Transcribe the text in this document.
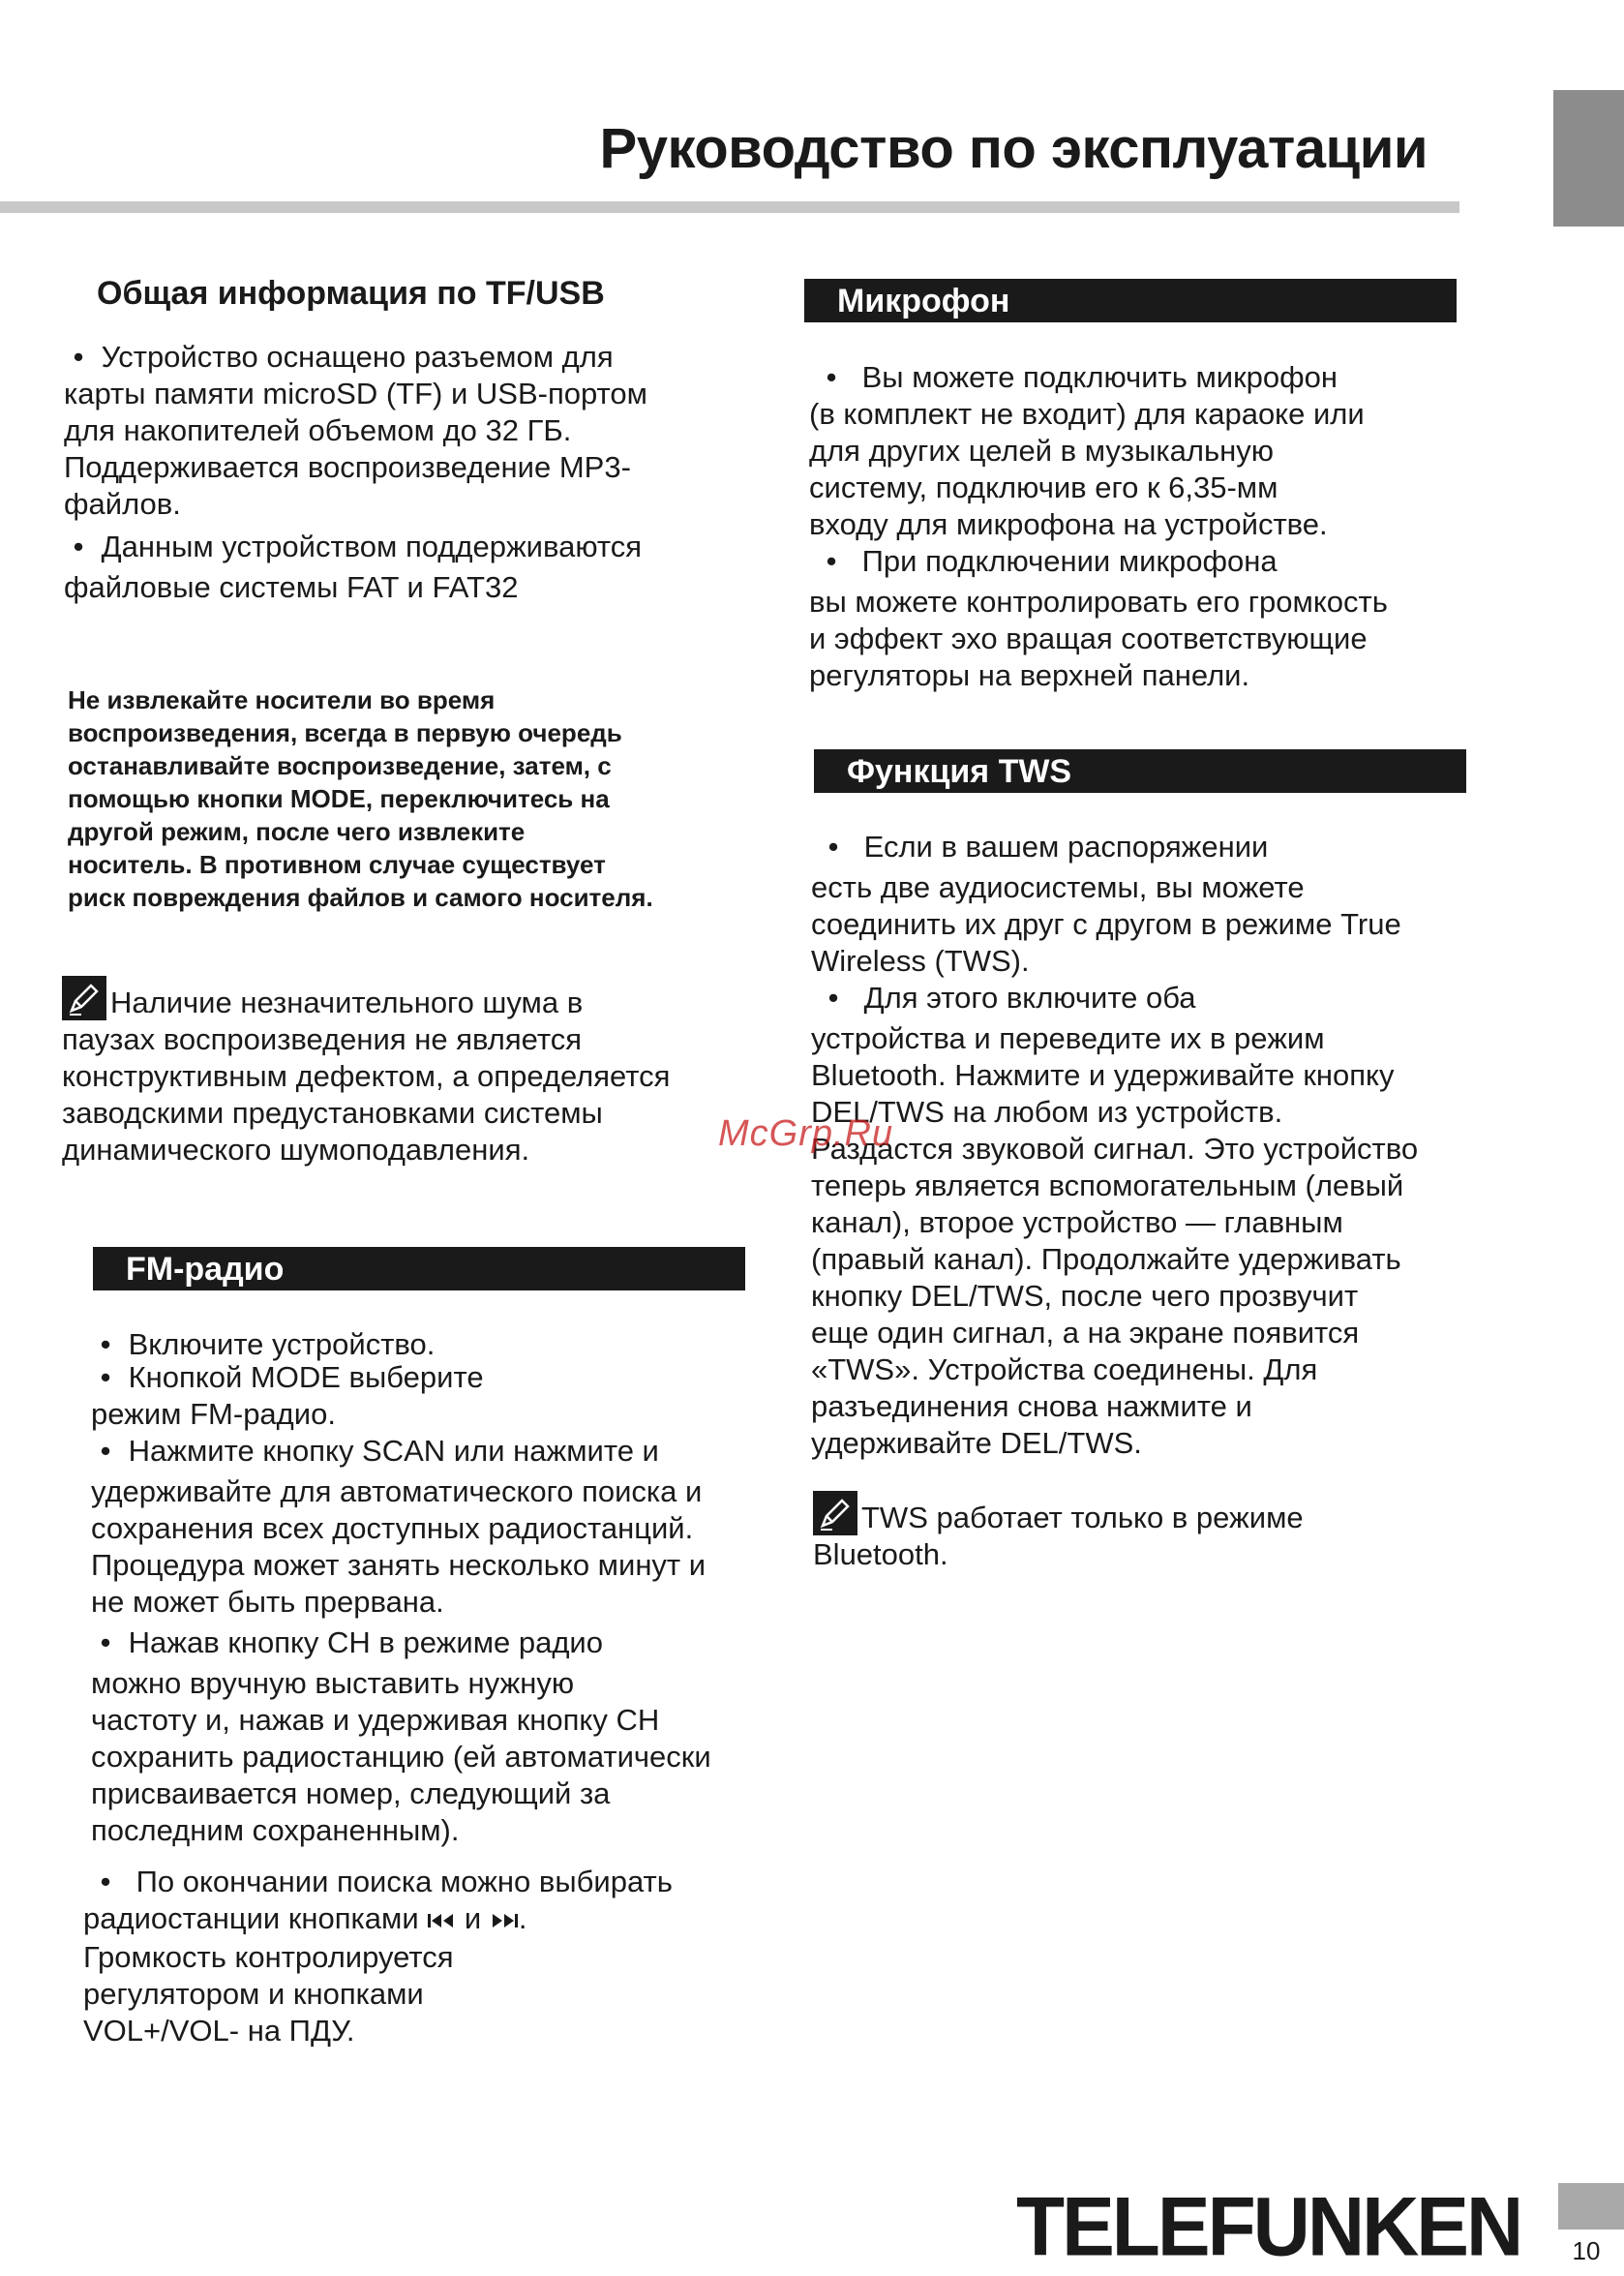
Руководство по эксплуатации
Общая информация по TF/USB

• Устройство оснащено разъемом для

карты памяти microSD (TF) и USB-портом

для накопителей объемом до 32 ГБ.

Поддерживается воспроизведение MP3-

файлов.

• Данным устройством поддерживаются

файловые системы FAT и FAT32

Не извлекайте носители во время
воспроизведения, всегда в первую очередь
останавливайте воспроизведение, затем, с
помощью кнопки MODE, переключитесь на
другой режим, после чего извлеките
носитель. В противном случае существует
риск повреждения файлов и самого носителя.

Наличие незначительного шума в

паузах воспроизведения не является

конструктивным дефектом, а определяется

заводскими предустановками системы

динамического шумоподавления.

FM-радио

• Включите устройство.

• Кнопкой MODE выберите

режим FM-радио.

• Нажмите кнопку SCAN или нажмите и

удерживайте для автоматического поиска и

сохранения всех доступных радиостанций.

Процедура может занять несколько минут и

не может быть прервана.

• Нажав кнопку CH в режиме радио

можно вручную выставить нужную

частоту и, нажав и удерживая кнопку CH

сохранить радиостанцию (ей автоматически

присваивается номер, следующий за

последним сохраненным).

• По окончании поиска можно выбирать

радиостанции кнопками и .

Громкость контролируется

регулятором и кнопками

VOL+/VOL- на ПДУ.

Микрофон

• Вы можете подключить микрофон

(в комплект не входит) для караоке или

для других целей в музыкальную

систему, подключив его к 6,35-мм

входу для микрофона на устройстве.

• При подключении микрофона

вы можете контролировать его громкость

и эффект эхо вращая соответствующие

регуляторы на верхней панели.

Функция TWS

• Если в вашем распоряжении

есть две аудиосистемы, вы можете

соединить их друг с другом в режиме True

Wireless (TWS).

• Для этого включите оба

устройства и переведите их в режим

Bluetooth. Нажмите и удерживайте кнопку

DEL/TWS на любом из устройств.

Раздастся звуковой сигнал. Это устройство

теперь является вспомогательным (левый

канал), второе устройство — главным

(правый канал). Продолжайте удерживать

кнопку DEL/TWS, после чего прозвучит

еще один сигнал, а на экране появится

«TWS». Устройства соединены. Для

разъединения снова нажмите и

удерживайте DEL/TWS.

TWS работает только в режиме

Bluetooth.

McGrp.Ru
TELEFUNKEN	10
